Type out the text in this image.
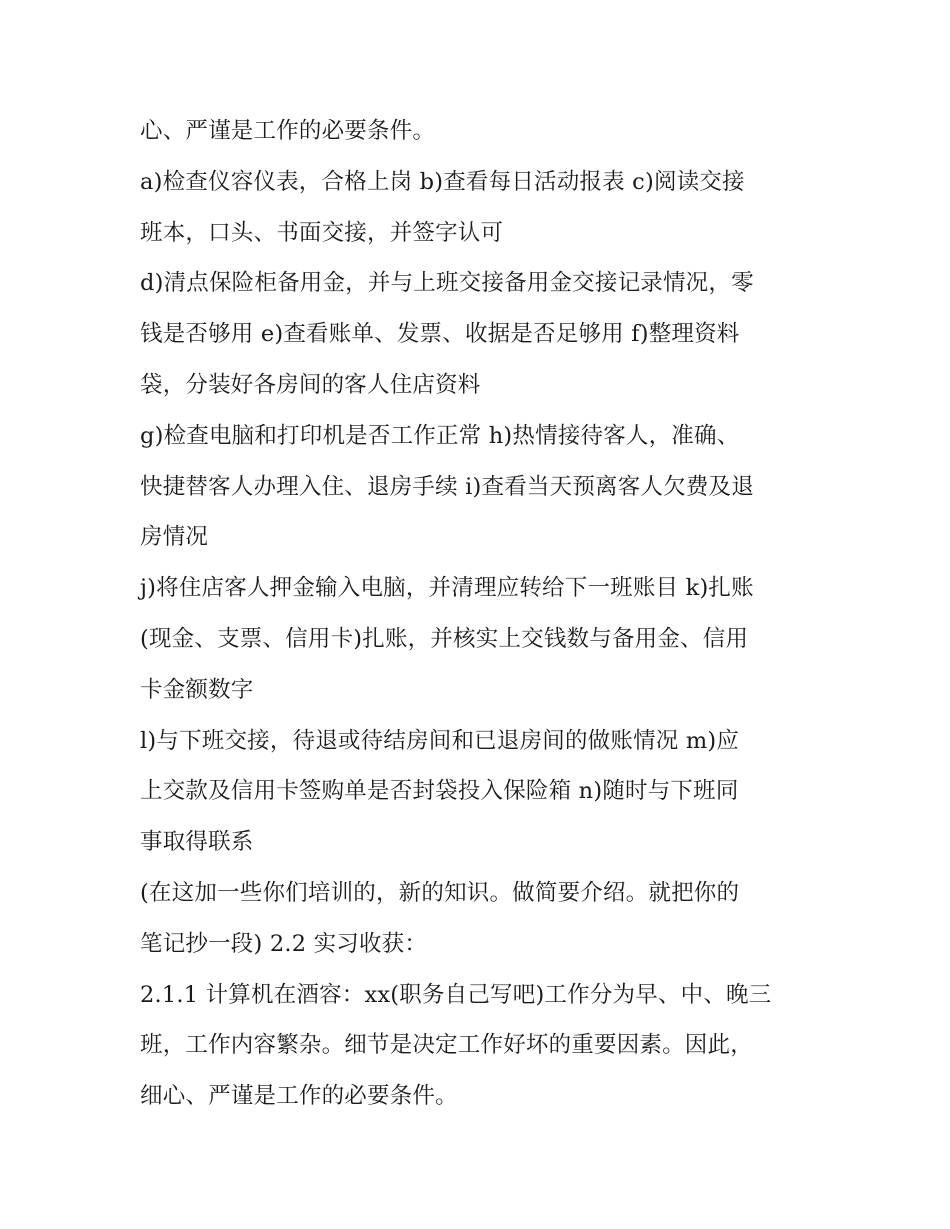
心、严谨是工作的必要条件。
a)检查仪容仪表，合格上岗 b)查看每日活动报表 c)阅读交接
班本，口头、书面交接，并签字认可
d)清点保险柜备用金，并与上班交接备用金交接记录情况，零
钱是否够用 e)查看账单、发票、收据是否足够用 f)整理资料
袋，分装好各房间的客人住店资料
g)检查电脑和打印机是否工作正常 h)热情接待客人，准确、
快捷替客人办理入住、退房手续 i)查看当天预离客人欠费及退
房情况
j)将住店客人押金输入电脑，并清理应转给下一班账目 k)扎账
(现金、支票、信用卡)扎账，并核实上交钱数与备用金、信用
卡金额数字
l)与下班交接，待退或待结房间和已退房间的做账情况 m)应
上交款及信用卡签购单是否封袋投入保险箱 n)随时与下班同
事取得联系
(在这加一些你们培训的，新的知识。做简要介绍。就把你的
笔记抄一段) 2.2 实习收获：
2.1.1 计算机在酒容：xx(职务自己写吧)工作分为早、中、晚三
班，工作内容繁杂。细节是决定工作好坏的重要因素。因此，
细心、严谨是工作的必要条件。
